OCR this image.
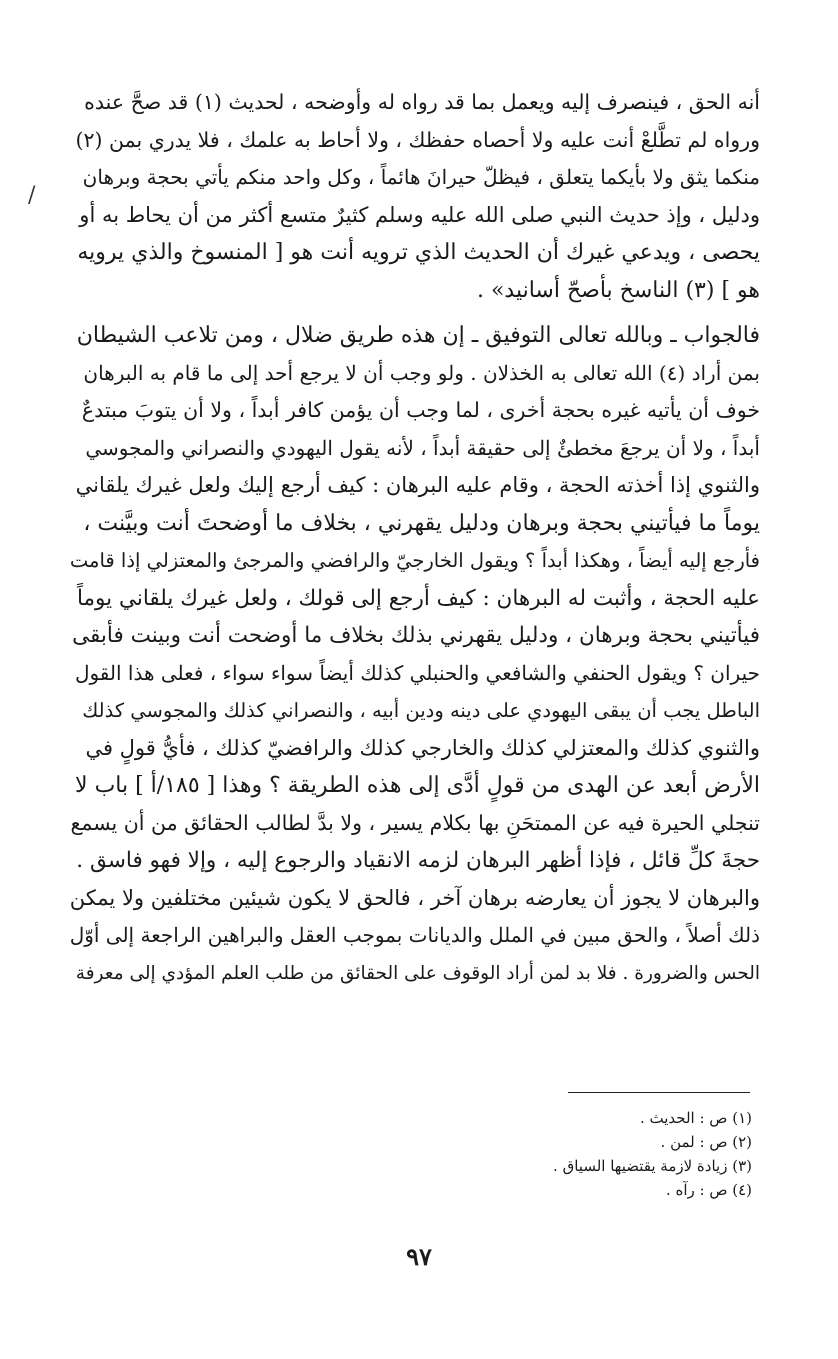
أنه الحق ، فينصرف إليه ويعمل بما قد رواه له وأوضحه ، لحديث (١) قد صحَّ عنده
ورواه لم تطَّلعْ أنت عليه ولا أحصاه حفظك ، ولا أحاط به علمك ، فلا يدري بمن (٢)
منكما يثق ولا بأيكما يتعلق ، فيظلّ حيرانَ هائماً ، وكل واحد منكم يأتي بحجة وبرهان
ودليل ، وإذ حديث النبي صلى الله عليه وسلم كثيرٌ متسع أكثر من أن يحاط به أو
يحصى ، ويدعي غيرك أن الحديث الذي ترويه أنت هو [ المنسوخ والذي يرويه
هو ] (٣) الناسخ بأصحّ أسانيد» .
فالجواب ـ وبالله تعالى التوفيق ـ إن هذه طريق ضلال ، ومن تلاعب الشيطان
بمن أراد (٤) الله تعالى به الخذلان . ولو وجب أن لا يرجع أحد إلى ما قام به البرهان
خوف أن يأتيه غيره بحجة أخرى ، لما وجب أن يؤمن كافر أبداً ، ولا أن يتوبَ مبتدعٌ
أبداً ، ولا أن يرجعَ مخطئٌ إلى حقيقة أبداً ، لأنه يقول اليهودي والنصراني والمجوسي
والثنوي إذا أخذته الحجة ، وقام عليه البرهان : كيف أرجع إليك ولعل غيرك يلقاني
يوماً ما فيأتيني بحجة وبرهان ودليل يقهرني ، بخلاف ما أوضحتَ أنت وبيَّنت ،
فأرجع إليه أيضاً ، وهكذا أبداً ؟ ويقول الخارجيّ والرافضي والمرجئ والمعتزلي إذا قامت
عليه الحجة ، وأثبت له البرهان : كيف أرجع إلى قولك ، ولعل غيرك يلقاني يوماً
فيأتيني بحجة وبرهان ، ودليل يقهرني بذلك بخلاف ما أوضحت أنت وبينت فأبقى
حيران ؟ ويقول الحنفي والشافعي والحنبلي كذلك أيضاً سواء سواء ، فعلى هذا القول
الباطل يجب أن يبقى اليهودي على دينه ودين أبيه ، والنصراني كذلك والمجوسي كذلك
والثنوي كذلك والمعتزلي كذلك والخارجي كذلك والرافضيّ كذلك ، فأيُّ قولٍ في
الأرض أبعد عن الهدى من قولٍ أدَّى إلى هذه الطريقة ؟ وهذا [ ١٨٥/أ ] باب لا
تنجلي الحيرة فيه عن الممتحَنِ بها بكلام يسير ، ولا بدَّ لطالب الحقائق من أن يسمع
حجةَ كلِّ قائل ، فإذا أظهر البرهان لزمه الانقياد والرجوع إليه ، وإلا فهو فاسق .
والبرهان لا يجوز أن يعارضه برهان آخر ، فالحق لا يكون شيئين مختلفين ولا يمكن
ذلك أصلاً ، والحق مبين في الملل والديانات بموجب العقل والبراهين الراجعة إلى أوّل
الحس والضرورة . فلا بد لمن أراد الوقوف على الحقائق من طلب العلم المؤدي إلى معرفة
/
(١) ص : الحديث .
(٢) ص : لمن .
(٣) زيادة لازمة يقتضيها السياق .
(٤) ص : رآه .
٩٧
